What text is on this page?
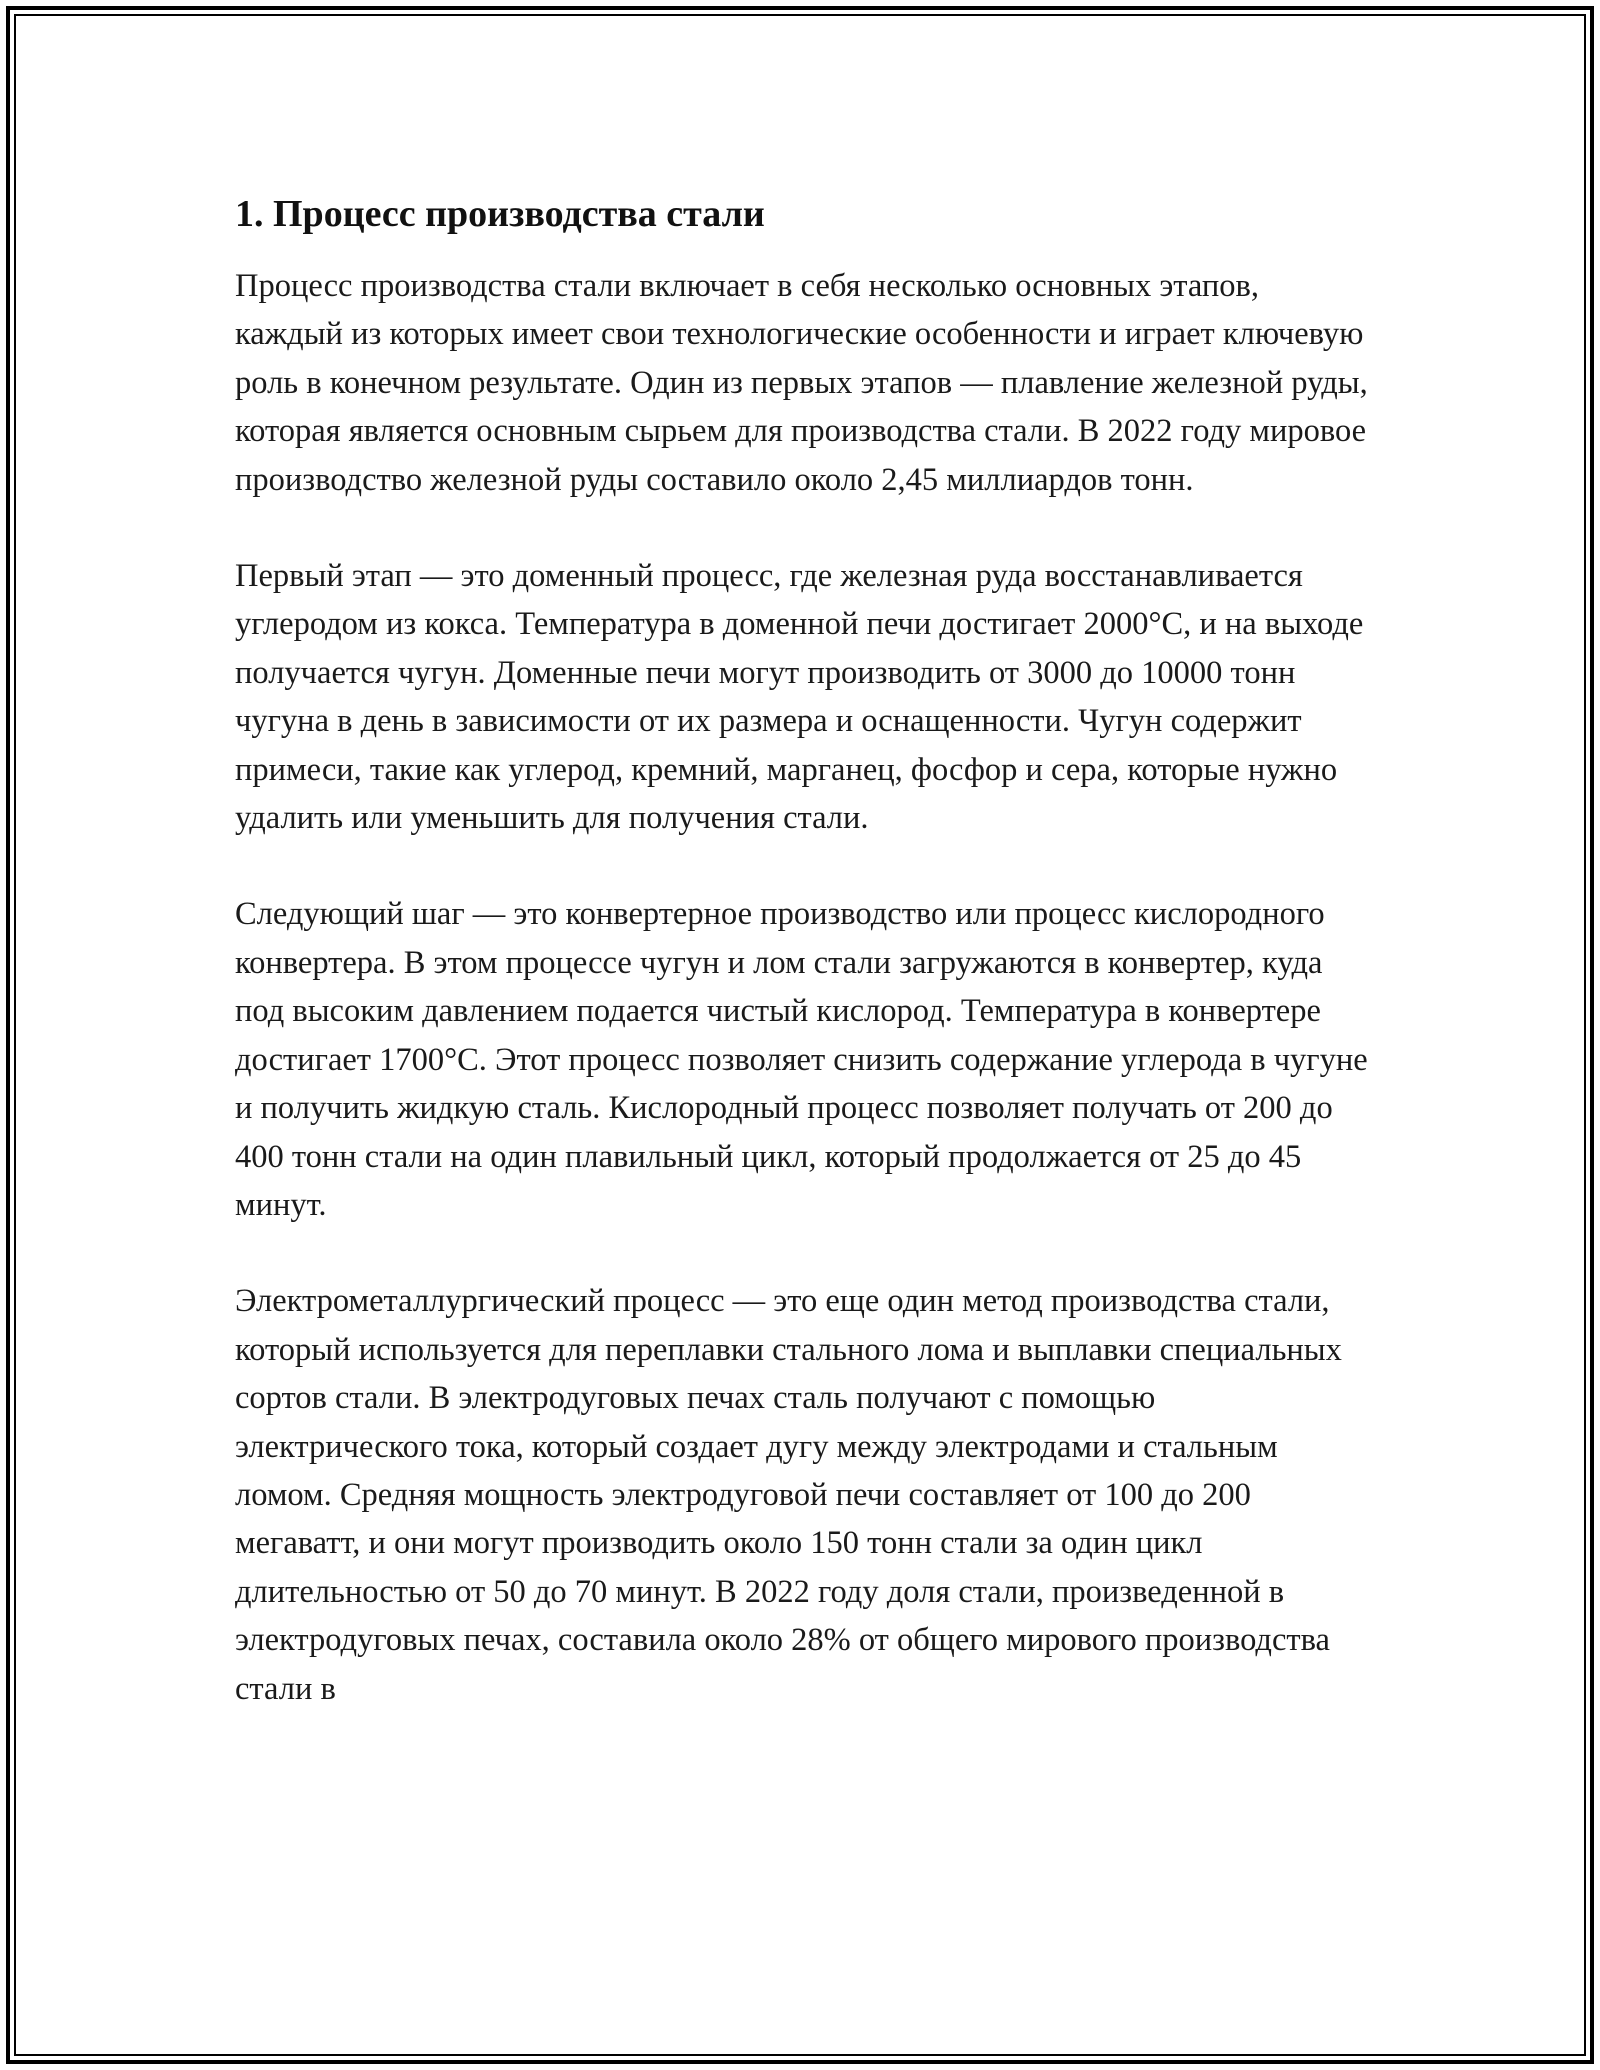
1. Процесс производства стали

Процесс производства стали включает в себя несколько основных этапов, каждый из которых имеет свои технологические особенности и играет ключевую роль в конечном результате. Один из первых этапов — плавление железной руды, которая является основным сырьем для производства стали. В 2022 году мировое производство железной руды составило около 2,45 миллиардов тонн.

Первый этап — это доменный процесс, где железная руда восстанавливается углеродом из кокса. Температура в доменной печи достигает 2000°C, и на выходе получается чугун. Доменные печи могут производить от 3000 до 10000 тонн чугуна в день в зависимости от их размера и оснащенности. Чугун содержит примеси, такие как углерод, кремний, марганец, фосфор и сера, которые нужно удалить или уменьшить для получения стали.

Следующий шаг — это конвертерное производство или процесс кислородного конвертера. В этом процессе чугун и лом стали загружаются в конвертер, куда под высоким давлением подается чистый кислород. Температура в конвертере достигает 1700°C. Этот процесс позволяет снизить содержание углерода в чугуне и получить жидкую сталь. Кислородный процесс позволяет получать от 200 до 400 тонн стали на один плавильный цикл, который продолжается от 25 до 45 минут.

Электрометаллургический процесс — это еще один метод производства стали, который используется для переплавки стального лома и выплавки специальных сортов стали. В электродуговых печах сталь получают с помощью электрического тока, который создает дугу между электродами и стальным ломом. Средняя мощность электродуговой печи составляет от 100 до 200 мегаватт, и они могут производить около 150 тонн стали за один цикл длительностью от 50 до 70 минут. В 2022 году доля стали, произведенной в электродуговых печах, составила около 28% от общего мирового производства стали в
